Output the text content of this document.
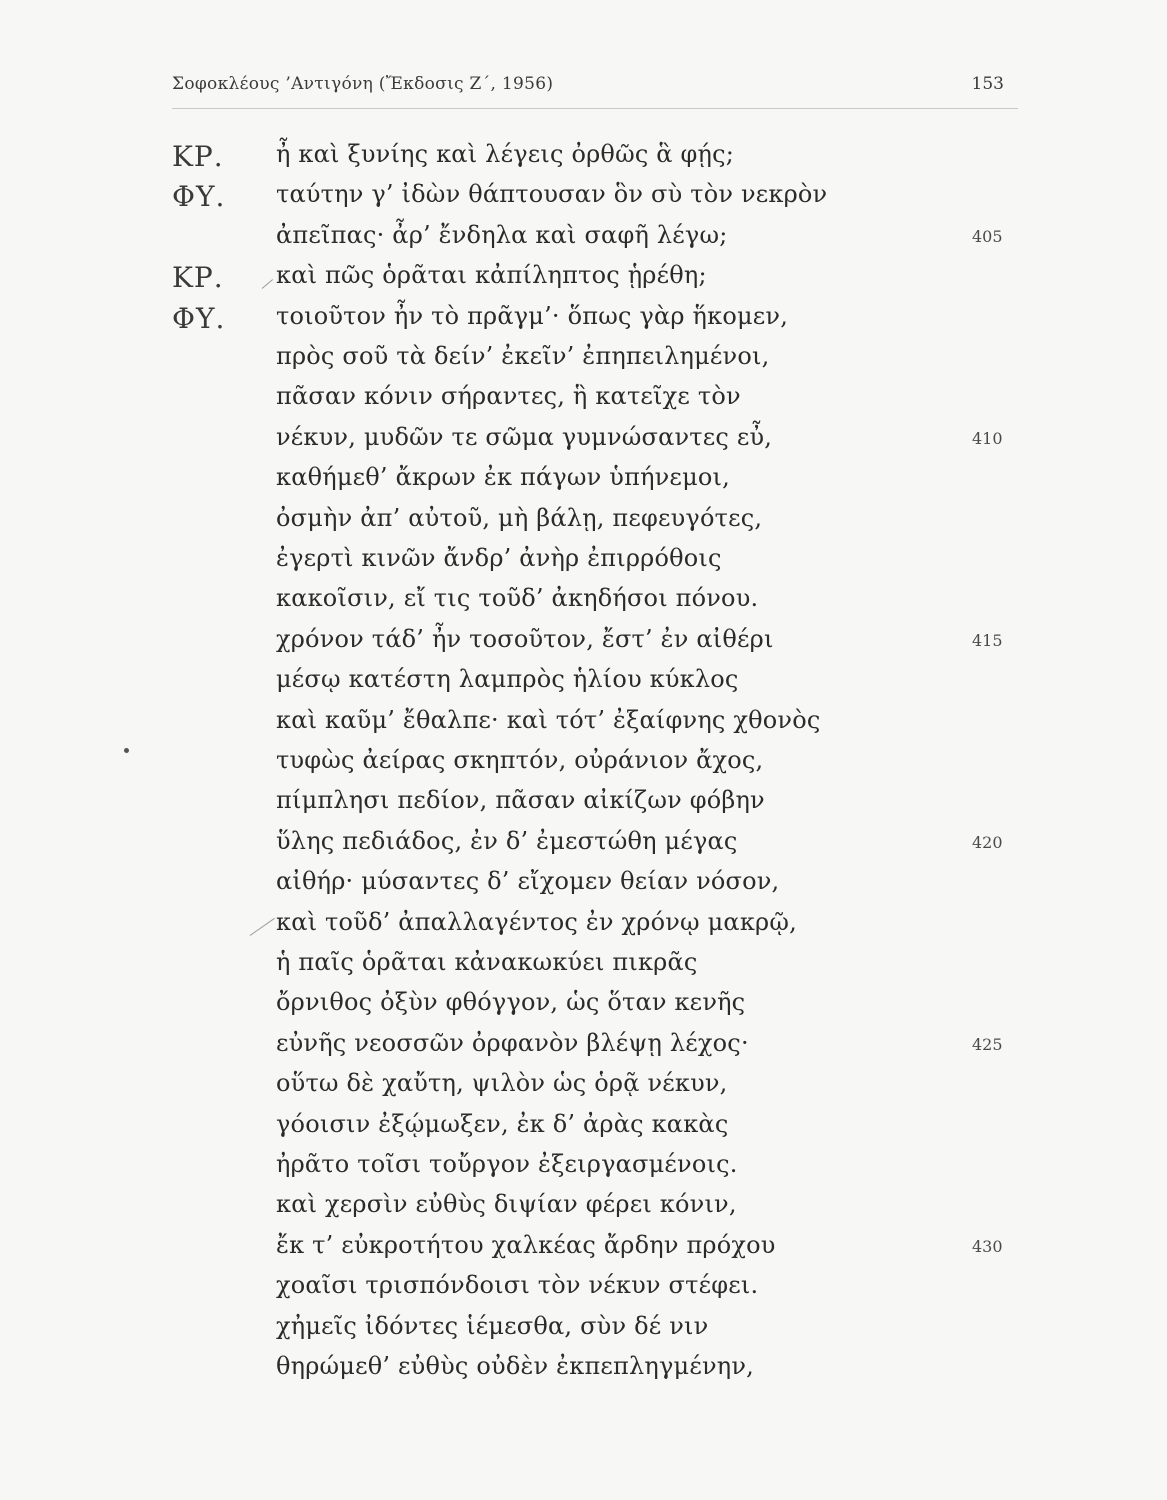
Σοφοκλέους ’Αντιγόνη (Ἔκδοσις Ζ΄, 1956)	153
ΚΡ. ἦ καὶ ξυνίης καὶ λέγεις ὀρθῶς ἃ φῄς;
ΦΥ. ταύτην γ’ ἰδὼν θάπτουσαν ὃν σὺ τὸν νεκρὸν
ἀπεῖπας· ἆρ’ ἔνδηλα καὶ σαφῆ λέγω;	405
ΚΡ. καὶ πῶς ὁρᾶται κἀπίληπτος ᾑρέθη;
ΦΥ. τοιοῦτον ἦν τὸ πρᾶγμ’· ὅπως γὰρ ἥκομεν,
πρὸς σοῦ τὰ δείν’ ἐκεῖν’ ἐπηπειλημένοι,
πᾶσαν κόνιν σήραντες, ἣ κατεῖχε τὸν
νέκυν, μυδῶν τε σῶμα γυμνώσαντες εὖ,	410
καθήμεθ’ ἄκρων ἐκ πάγων ὑπήνεμοι,
ὀσμὴν ἀπ’ αὐτοῦ, μὴ βάλῃ, πεφευγότες,
ἐγερτὶ κινῶν ἄνδρ’ ἀνὴρ ἐπιρρόθοις
κακοῖσιν, εἴ τις τοῦδ’ ἀκηδήσοι πόνου.
χρόνον τάδ’ ἦν τοσοῦτον, ἔστ’ ἐν αἰθέρι	415
μέσῳ κατέστη λαμπρὸς ἡλίου κύκλος
καὶ καῦμ’ ἔθαλπε· καὶ τότ’ ἐξαίφνης χθονὸς
τυφὼς ἀείρας σκηπτόν, οὐράνιον ἄχος,
πίμπλησι πεδίον, πᾶσαν αἰκίζων φόβην
ὕλης πεδιάδος, ἐν δ’ ἐμεστώθη μέγας	420
αἰθήρ· μύσαντες δ’ εἴχομεν θείαν νόσον,
καὶ τοῦδ’ ἀπαλλαγέντος ἐν χρόνῳ μακρῷ,
ἡ παῖς ὁρᾶται κἀνακωκύει πικρᾶς
ὄρνιθος ὀξὺν φθόγγον, ὡς ὅταν κενῆς
εὐνῆς νεοσσῶν ὀρφανὸν βλέψῃ λέχος·	425
οὕτω δὲ χαὔτη, ψιλὸν ὡς ὁρᾷ νέκυν,
γόοισιν ἐξῴμωξεν, ἐκ δ’ ἀρὰς κακὰς
ἠρᾶτο τοῖσι τοὔργον ἐξειργασμένοις.
καὶ χερσὶν εὐθὺς διψίαν φέρει κόνιν,
ἔκ τ’ εὐκροτήτου χαλκέας ἄρδην πρόχου	430
χοαῖσι τρισπόνδοισι τὸν νέκυν στέφει.
χἠμεῖς ἰδόντες ἱέμεσθα, σὺν δέ νιν
θηρώμεθ’ εὐθὺς οὐδὲν ἐκπεπληγμένην,
